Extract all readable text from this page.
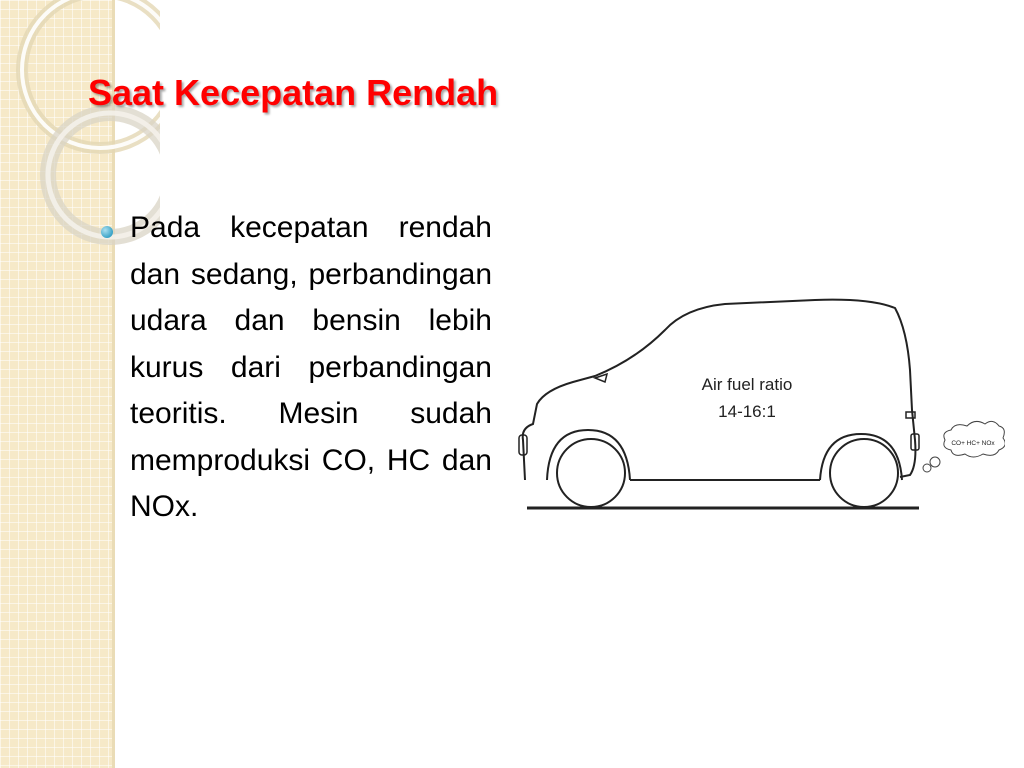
Saat Kecepatan Rendah

Pada kecepatan rendah dan sedang, perbandingan udara dan bensin lebih kurus dari perbandingan teoritis. Mesin sudah memproduksi CO, HC dan NOx.

Air fuel ratio
14-16:1
CO+ HC+ NOx
